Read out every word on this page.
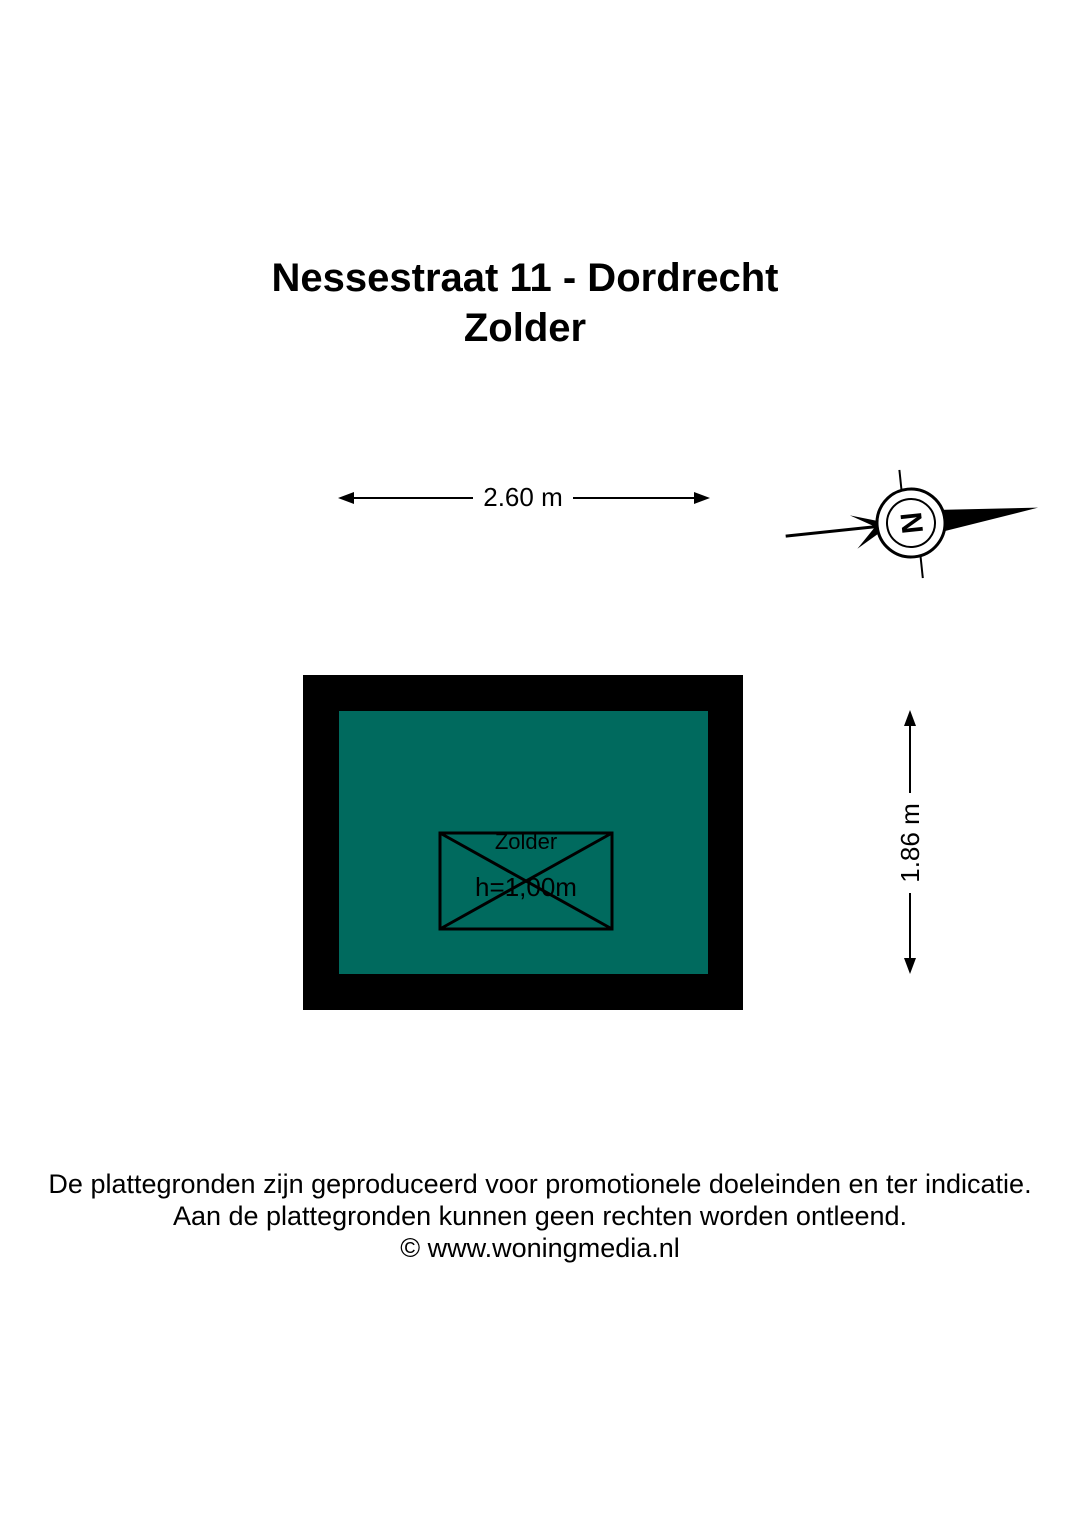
Nessestraat 11 - Dordrecht
Zolder
N
2.60 m
1.86 m
Zolder
h=1,00m
De plattegronden zijn geproduceerd voor promotionele doeleinden en ter indicatie.
Aan de plattegronden kunnen geen rechten worden ontleend.
© www.woningmedia.nl
